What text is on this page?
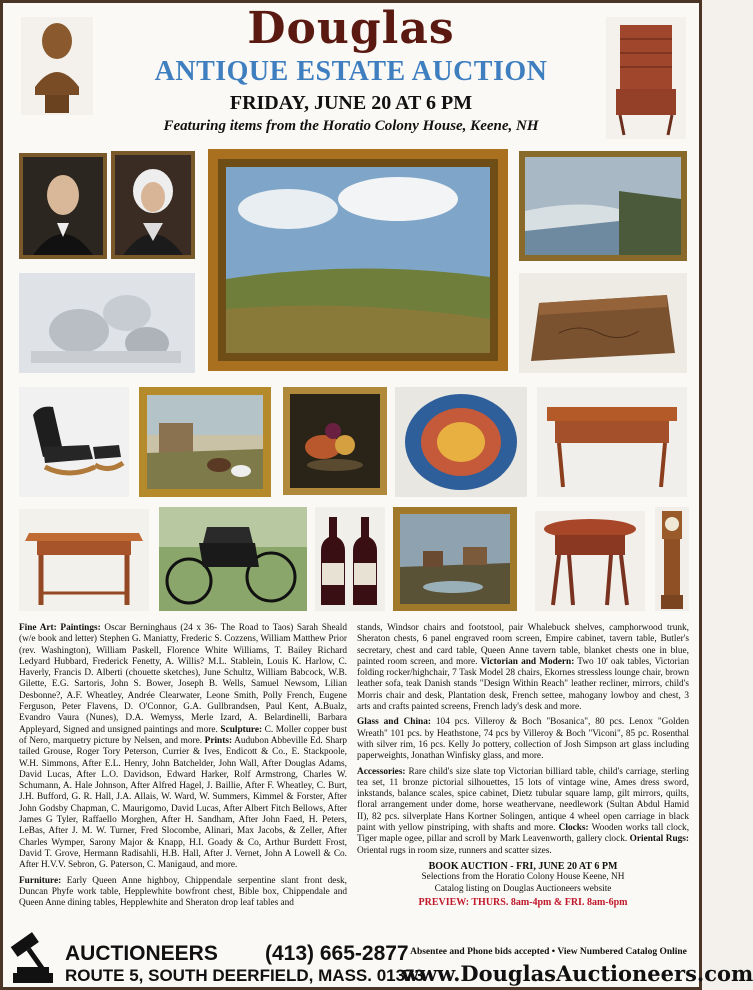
Douglas
ANTIQUE ESTATE AUCTION
FRIDAY, JUNE 20 AT 6 PM
Featuring items from the Horatio Colony House, Keene, NH

Fine Art: Paintings: Oscar Berninghaus (24 x 36- The Road to Taos) Sarah Sheald (w/e book and letter) Stephen G. Maniatty, Frederic S. Cozzens, William Matthew Prior (rev. Washington), William Paskell, Florence White Williams, T. Bailey Richard Ledyard Hubbard, Frederick Fenetty, A. Willis? M.L. Stablein, Louis K. Harlow, C. Haverly, Francis D. Alberti (chouette sketches), June Schultz, William Babcock, W.B. Gilette, E.G. Sartoris, John S. Bower, Joseph B. Wells, Samuel Newsom, Lilian Desbonne?, A.F. Wheatley, Andrée Clearwater, Leone Smith, Polly French, Eugene Ferguson, Peter Flavens, D. O'Connor, G.A. Gullbrandsen, Paul Kent, A.Bualz, Evandro Vaura (Nunes), D.A. Wemyss, Merle Izard, A. Belardinelli, Barbara Appleyard, Signed and unsigned paintings and more. Sculpture: C. Moller copper bust of Nero, marquetry picture by Nelsen, and more. Prints: Audubon Abbeville Ed. Sharp tailed Grouse, Roger Tory Peterson, Currier & Ives, Endicott & Co., E. Stackpoole, W.H. Simmons, After E.L. Henry, John Batchelder, John Wall, After Douglas Adams, David Lucas, After L.O. Davidson, Edward Harker, Rolf Armstrong, Charles W. Schumann, A. Hale Johnson, After Alfred Hagel, J. Baillie, After F. Wheatley, C. Burt, J.H. Bufford, G. R. Hall, J.A. Allais, W. Ward, W. Summers, Kimmel & Forster, After John Godsby Chapman, C. Maurigomo, David Lucas, After Albert Fitch Bellows, After James G Tyler, Raffaello Morghen, After H. Sandham, After John Faed, H. Peters, LeBas, After J. M. W. Turner, Fred Slocombe, Alinari, Max Jacobs, & Zeller, After Charles Wymper, Sarony Major & Knapp, H.I. Goady & Co, Arthur Burdett Frost, David T. Grove, Hermann Radisahli, H.B. Hall, After J. Vernet, John A Lowell & Co. After H.V.V. Sebron, G. Paterson, C. Manigaud, and more.

Furniture: Early Queen Anne highboy, Chippendale serpentine slant front desk, Duncan Phyfe work table, Hepplewhite bowfront chest, Bible box, Chippendale and Queen Anne dining tables, Hepplewhite and Sheraton drop leaf tables and

stands, Windsor chairs and footstool, pair Whalebuck shelves, camphorwood trunk, Sheraton chests, 6 panel engraved room screen, Empire cabinet, tavern table, Butler's secretary, chest and card table, Queen Anne tavern table, blanket chests one in blue, painted room screen, and more. Victorian and Modern: Two 10' oak tables, Victorian folding rocker/highchair, 7 Task Model 28 chairs, Ekornes stressless lounge chair, brown leather sofa, teak Danish stands "Design Within Reach" leather recliner, mirrors, child's Morris chair and desk, Plantation desk, French settee, mahogany lowboy and chest, 3 arts and crafts painted screens, French lady's desk and more.

Glass and China: 104 pcs. Villeroy & Boch "Bosanica", 80 pcs. Lenox "Golden Wreath" 101 pcs. by Heathstone, 74 pcs by Villeroy & Boch "Viconi", 85 pc. Rosenthal with silver rim, 16 pcs. Kelly Jo pottery, collection of Josh Simpson art glass including paperweights, Jonathan Winfisky glass, and more.

Accessories: Rare child's size slate top Victorian billiard table, child's carriage, sterling tea set, 11 bronze pictorial silhouettes, 15 lots of vintage wine, Ames dress sword, inkstands, balance scales, spice cabinet, Dietz tubular square lamp, gilt mirrors, quilts, floral arrangement under dome, horse weathervane, needlework (Sultan Abdul Hamid II), 82 pcs. silverplate Hans Kortner Solingen, antique 4 wheel open carriage in black paint with yellow pinstriping, with shafts and more. Clocks: Wooden works tall clock, Tiger maple ogee, pillar and scroll by Mark Leavenworth, gallery clock. Oriental Rugs: Oriental rugs in room size, runners and scatter sizes.

BOOK AUCTION - FRI, JUNE 20 AT 6 PM
Selections from the Horatio Colony House Keene, NH
Catalog listing on Douglas Auctioneers website
PREVIEW: THURS. 8am-4pm & FRI. 8am-6pm
AUCTIONEERS (413) 665-2877
ROUTE 5, SOUTH DEERFIELD, MASS. 01373
Absentee and Phone bids accepted • View Numbered Catalog Online
www.DouglasAuctioneers.com
